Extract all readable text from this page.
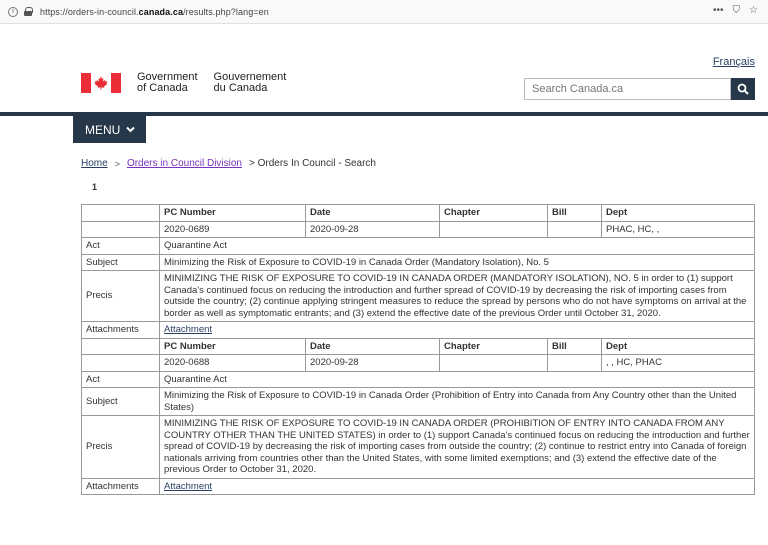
i	https://orders-in-council.canada.ca/results.php?lang=en	••• ⛉ ☆
Français
Government
of Canada
Gouvernement
du Canada
Search Canada.ca
MENU
Home > Orders in Council Division > Orders In Council - Search
1
	PC Number	Date	Chapter	Bill	Dept
	2020-0689	2020-09-28			PHAC, HC, ,
Act	Quarantine Act				
Subject	Minimizing the Risk of Exposure to COVID-19 in Canada Order (Mandatory Isolation), No. 5				
Precis	MINIMIZING THE RISK OF EXPOSURE TO COVID-19 IN CANADA ORDER (MANDATORY ISOLATION), NO. 5 in order to (1) support Canada's continued focus on reducing the introduction and further spread of COVID-19 by decreasing the risk of importing cases from outside the country; (2) continue applying stringent measures to reduce the spread by persons who do not have symptoms on arrival at the border as well as symptomatic entrants; and (3) extend the effective date of the previous Order until October 31, 2020.				
Attachments	Attachment				
	PC Number	Date	Chapter	Bill	Dept
	2020-0688	2020-09-28			, , HC, PHAC
Act	Quarantine Act				
Subject	Minimizing the Risk of Exposure to COVID-19 in Canada Order (Prohibition of Entry into Canada from Any Country other than the United States)				
Precis	MINIMIZING THE RISK OF EXPOSURE TO COVID-19 IN CANADA ORDER (PROHIBITION OF ENTRY INTO CANADA FROM ANY COUNTRY OTHER THAN THE UNITED STATES) in order to (1) support Canada's continued focus on reducing the introduction and further spread of COVID-19 by decreasing the risk of importing cases from outside the country; (2) continue to restrict entry into Canada of foreign nationals arriving from countries other than the United States, with some limited exemptions; and (3) extend the effective date of the previous Order to October 31, 2020.				
Attachments	Attachment				
